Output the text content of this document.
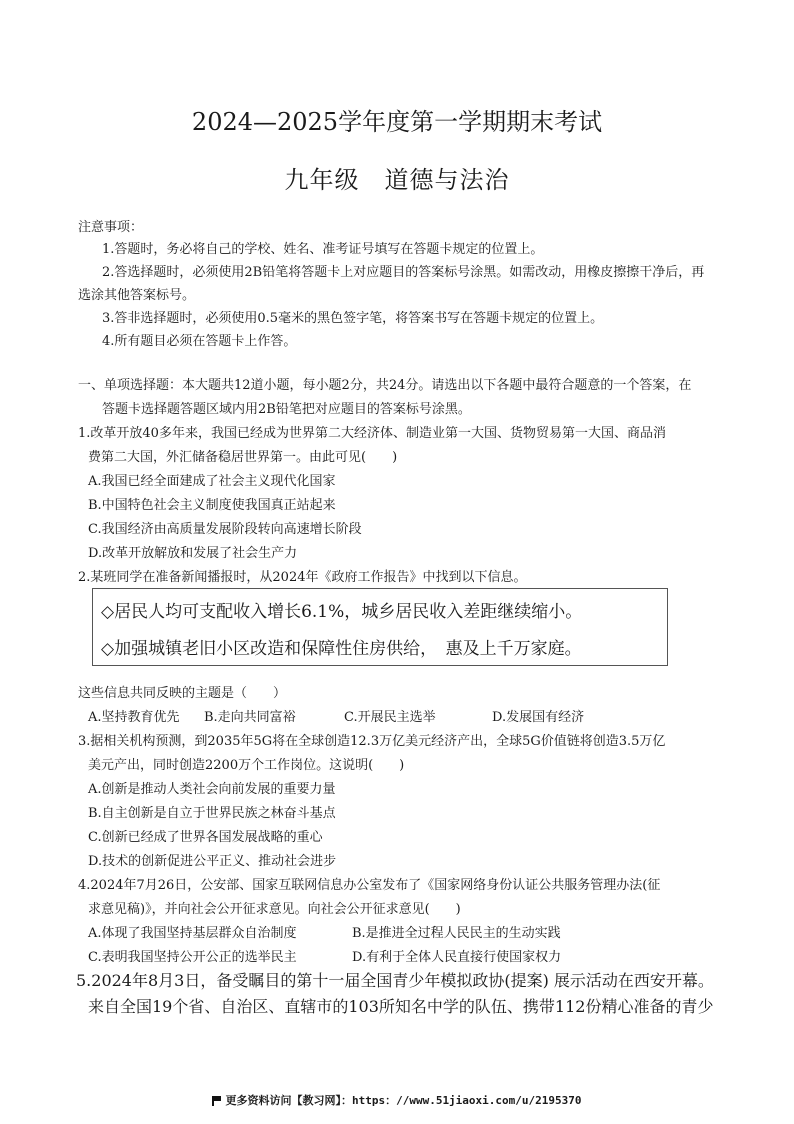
2024—2025学年度第一学期期末考试
九年级　道德与法治
注意事项：
1.答题时，务必将自己的学校、姓名、准考证号填写在答题卡规定的位置上。
2.答选择题时，必须使用2B铅笔将答题卡上对应题目的答案标号涂黑。如需改动，用橡皮擦擦干净后，再
选涂其他答案标号。
3.答非选择题时，必须使用0.5毫米的黑色签字笔，将答案书写在答题卡规定的位置上。
4.所有题目必须在答题卡上作答。
一、单项选择题：本大题共12道小题，每小题2分，共24分。请选出以下各题中最符合题意的一个答案，在
答题卡选择题答题区域内用2B铅笔把对应题目的答案标号涂黑。
1.改革开放40多年来，我国已经成为世界第二大经济体、制造业第一大国、货物贸易第一大国、商品消
费第二大国，外汇储备稳居世界第一。由此可见(　　)
A.我国已经全面建成了社会主义现代化国家
B.中国特色社会主义制度使我国真正站起来
C.我国经济由高质量发展阶段转向高速增长阶段
D.改革开放解放和发展了社会生产力
2.某班同学在准备新闻播报时，从2024年《政府工作报告》中找到以下信息。
◇居民人均可支配收入增长6.1%，城乡居民收入差距继续缩小。
◇加强城镇老旧小区改造和保障性住房供给，　惠及上千万家庭。
这些信息共同反映的主题是（　　）
A.坚持教育优先 B.走向共同富裕	C.开展民主选举	D.发展国有经济
3.据相关机构预测，到2035年5G将在全球创造12.3万亿美元经济产出，全球5G价值链将创造3.5万亿
美元产出，同时创造2200万个工作岗位。这说明(　　)
A.创新是推动人类社会向前发展的重要力量
B.自主创新是自立于世界民族之林奋斗基点
C.创新已经成了世界各国发展战略的重心
D.技术的创新促进公平正义、推动社会进步
4.2024年7月26日，公安部、国家互联网信息办公室发布了《国家网络身份认证公共服务管理办法(征
求意见稿)》，并向社会公开征求意见。向社会公开征求意见(　　)
A.体现了我国坚持基层群众自治制度	B.是推进全过程人民民主的生动实践
C.表明我国坚持公开公正的选举民主	D.有利于全体人民直接行使国家权力
5.2024年8月3日，备受瞩目的第十一届全国青少年模拟政协(提案) 展示活动在西安开幕。
来自全国19个省、自治区、直辖市的103所知名中学的队伍、携带112份精心准备的青少
更多资料访问【教习网】：https：//www.51jiaoxi.com/u/2195370
